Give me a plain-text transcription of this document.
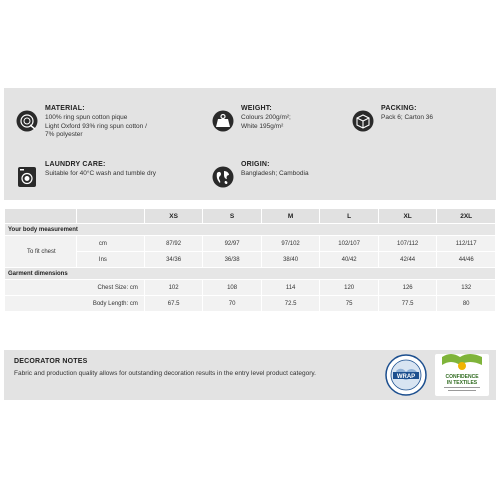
MATERIAL:

100% ring spun cotton pique
Light Oxford 93% ring spun cotton /
7% polyester

WEIGHT:

Colours 200g/m²;
White 195g/m²

PACKING:

Pack 6; Carton 36

LAUNDRY CARE:

Suitable for 40°C wash and tumble dry

ORIGIN:

Bangladesh; Cambodia

		XS	S	M	L	XL	2XL
Your body measurement							
To fit chest	cm	87/92	92/97	97/102	102/107	107/112	112/117
	Ins	34/36	36/38	38/40	40/42	42/44	44/46
Garment dimensions							
Chest Size: cm		102	108	114	120	126	132
Body Length: cm		67.5	70	72.5	75	77.5	80
DECORATOR NOTES

Fabric and production quality allows for outstanding decoration results in the entry level product category.	WRAP	CONFIDENCE
IN TEXTILES
